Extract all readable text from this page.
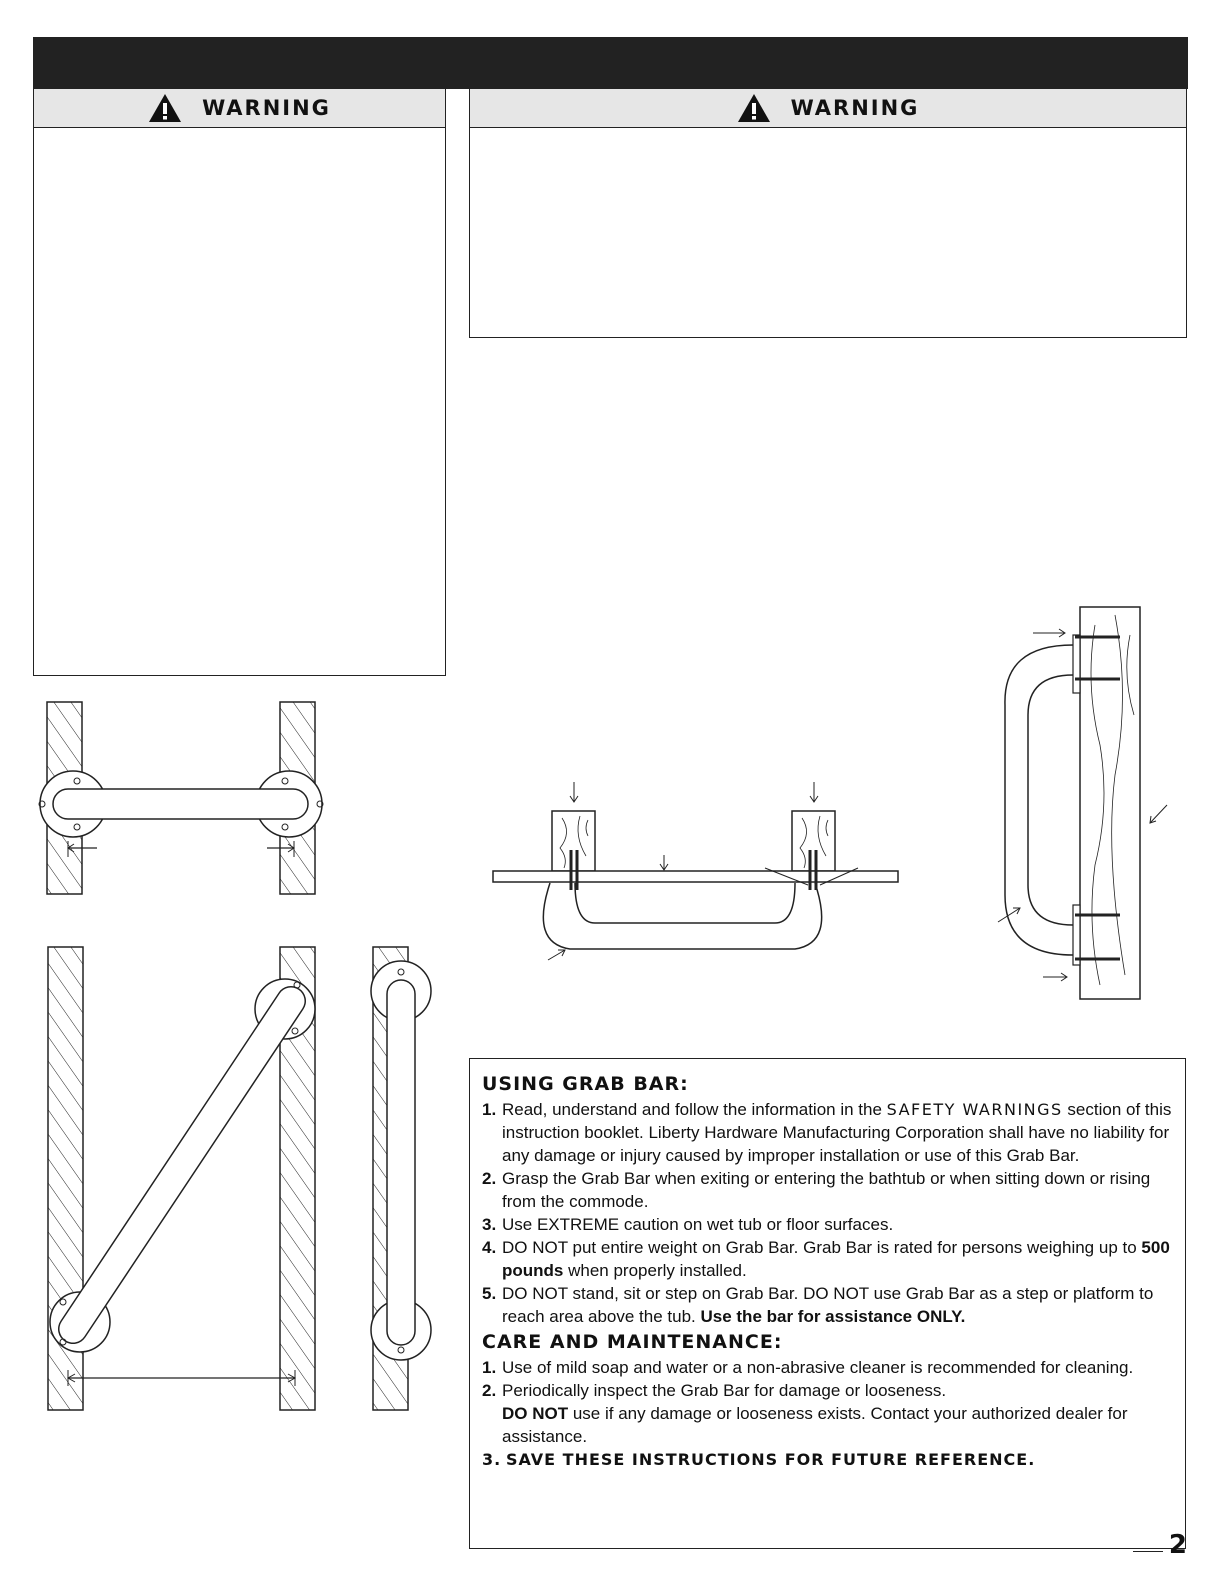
WARNING	WARNING
USING GRAB BAR:
1. Read, understand and follow the information in the SAFETY WARNINGS section of this instruction booklet. Liberty Hardware Manufacturing Corporation shall have no liability for any damage or injury caused by improper installation or use of this Grab Bar.
2. Grasp the Grab Bar when exiting or entering the bathtub or when sitting down or rising from the commode.
3. Use EXTREME caution on wet tub or floor surfaces.
4. DO NOT put entire weight on Grab Bar. Grab Bar is rated for persons weighing up to 500 pounds when properly installed.
5. DO NOT stand, sit or step on Grab Bar. DO NOT use Grab Bar as a step or platform to reach area above the tub. Use the bar for assistance ONLY.
CARE AND MAINTENANCE:
1. Use of mild soap and water or a non-abrasive cleaner is recommended for cleaning.
2. Periodically inspect the Grab Bar for damage or looseness.
DO NOT use if any damage or looseness exists. Contact your authorized dealer for assistance.
3. SAVE THESE INSTRUCTIONS FOR FUTURE REFERENCE.
2
